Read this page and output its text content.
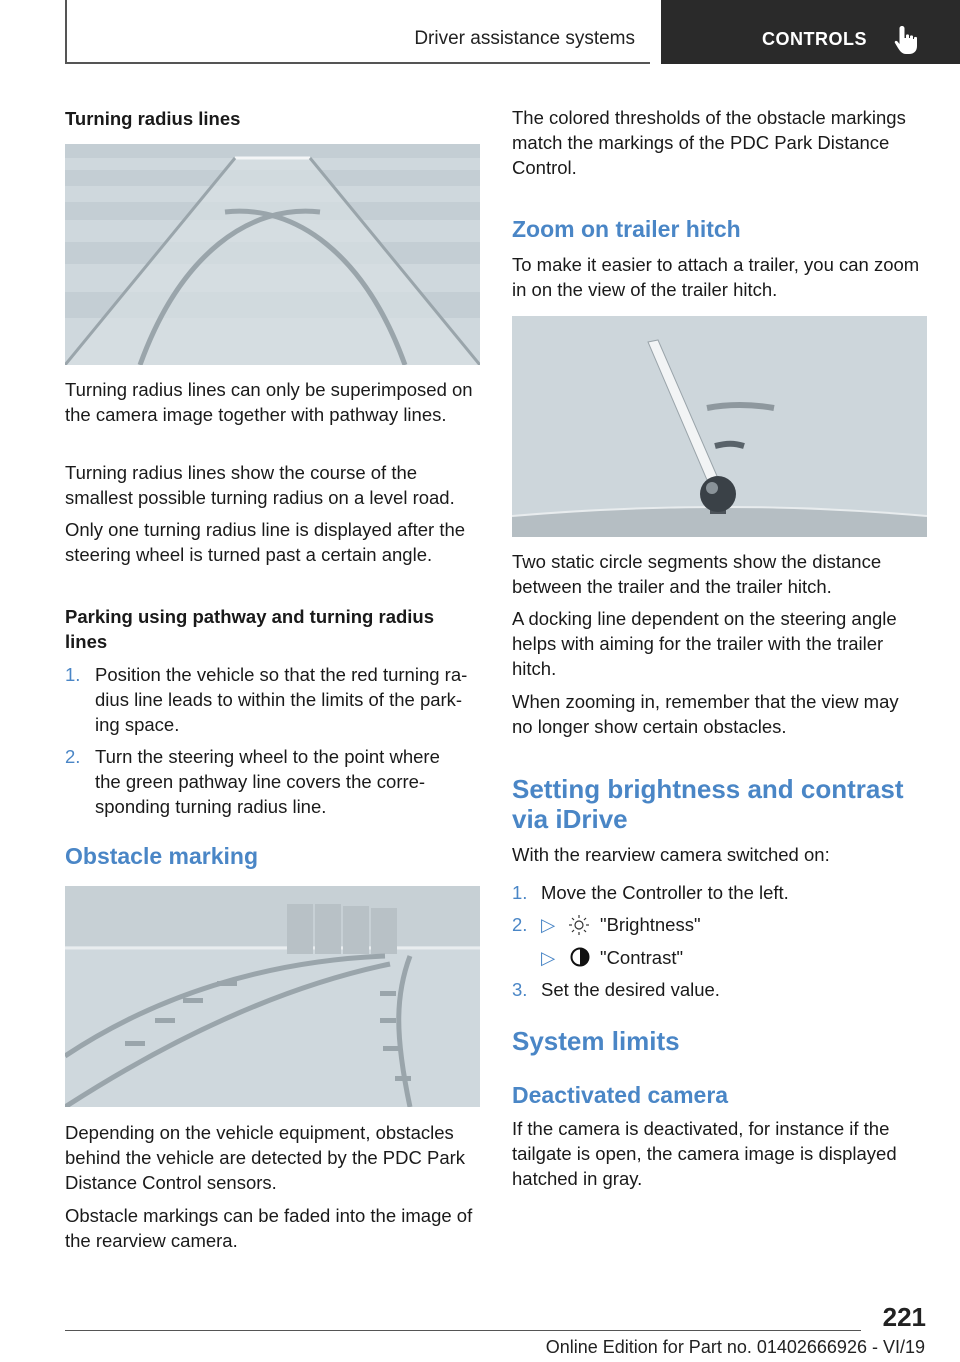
Driver assistance systems	CONTROLS
Turning radius lines

Turning radius lines can only be superimposed on the camera image together with pathway lines.

Turning radius lines show the course of the smallest possible turning radius on a level road.

Only one turning radius line is displayed after the steering wheel is turned past a certain angle.

Parking using pathway and turning radius lines
1. Position the vehicle so that the red turning ra‐dius line leads to within the limits of the park‐ing space.

2. Turn the steering wheel to the point where the green pathway line covers the corre‐sponding turning radius line.

Obstacle marking

Depending on the vehicle equipment, obstacles behind the vehicle are detected by the PDC Park Distance Control sensors.

Obstacle markings can be faded into the image of the rearview camera.

The colored thresholds of the obstacle markings match the markings of the PDC Park Distance Control.

Zoom on trailer hitch

To make it easier to attach a trailer, you can zoom in on the view of the trailer hitch.

Two static circle segments show the distance between the trailer and the trailer hitch.

A docking line dependent on the steering angle helps with aiming for the trailer with the trailer hitch.

When zooming in, remember that the view may no longer show certain obstacles.

Setting brightness and contrast via iDrive

With the rearview camera switched on:

1. Move the Controller to the left.

2. ▷ "Brightness"

▷ "Contrast"

3. Set the desired value.

System limits
Deactivated camera

If the camera is deactivated, for instance if the tailgate is open, the camera image is displayed hatched in gray.

221
Online Edition for Part no. 01402666926 - VI/19
